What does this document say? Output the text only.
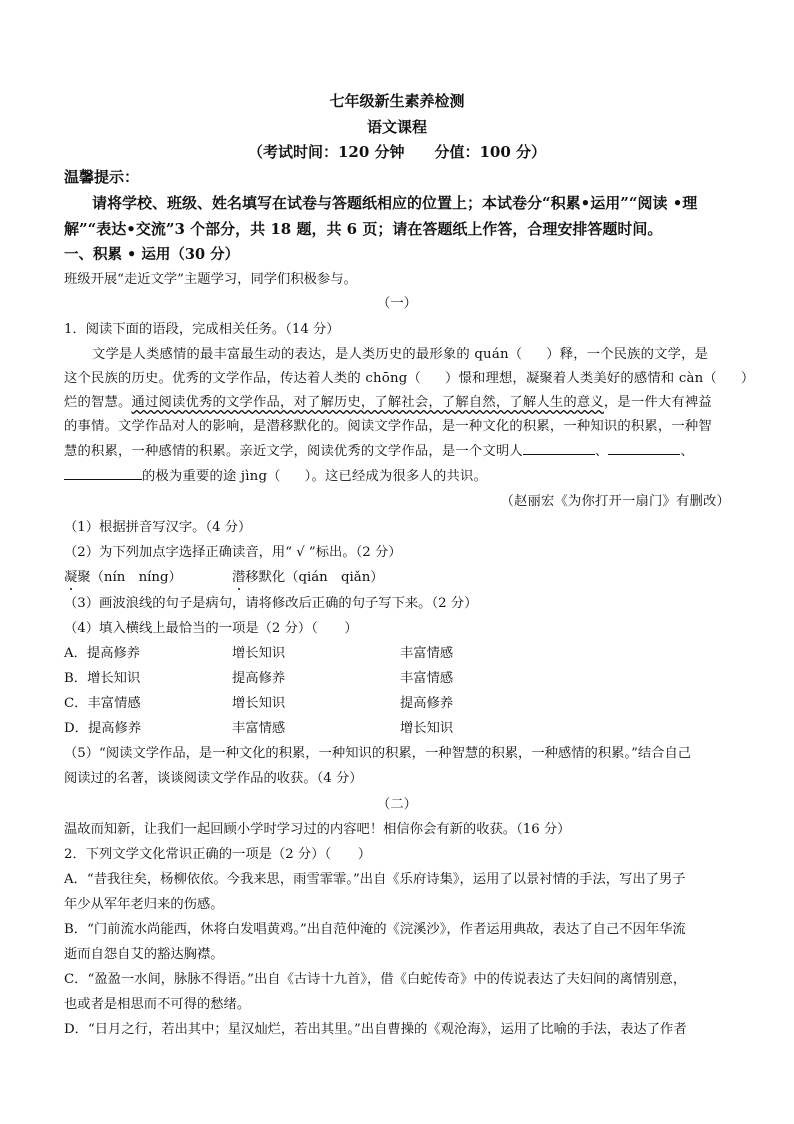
七年级新生素养检测
语文课程
（考试时间：120 分钟　　分值：100 分）
温馨提示：
请将学校、班级、姓名填写在试卷与答题纸相应的位置上；本试卷分“积累•运用”“阅读 •理
解”“表达•交流”3 个部分，共 18 题，共 6 页；请在答题纸上作答，合理安排答题时间。
一、积累 • 运用（30 分）
班级开展“走近文学”主题学习，同学们积极参与。
（一）
1．阅读下面的语段，完成相关任务。（14 分）
文学是人类感情的最丰富最生动的表达，是人类历史的最形象的 quán（ ）释，一个民族的文学，是
这个民族的历史。优秀的文学作品，传达着人类的 chōng（ ）憬和理想，凝聚着人类美好的感情和 càn（ ）
烂的智慧。通过阅读优秀的文学作品，对了解历史，了解社会，了解自然，了解人生的意义，是一件大有裨益
的事情。文学作品对人的影响，是潜移默化的。阅读文学作品，是一种文化的积累，一种知识的积累，一种智
慧的积累，一种感情的积累。亲近文学，阅读优秀的文学作品，是一个文明人	、	、
的极为重要的途 jìng（ ）。这已经成为很多人的共识。
（赵丽宏《为你打开一扇门》有删改）
（1）根据拼音写汉字。（4 分）
（2）为下列加点字选择正确读音，用“ √ ”标出。（2 分）
凝聚（nín　níng）	潜移默化（qián　qiǎn）
（3）画波浪线的句子是病句，请将修改后正确的句子写下来。（2 分）
（4）填入横线上最恰当的一项是（2 分）（　　）
A．提高修养	增长知识	丰富情感
B．增长知识	提高修养	丰富情感
C．丰富情感	增长知识	提高修养
D．提高修养	丰富情感	增长知识
（5）“阅读文学作品，是一种文化的积累，一种知识的积累，一种智慧的积累，一种感情的积累。”结合自己
阅读过的名著，谈谈阅读文学作品的收获。（4 分）
（二）
温故而知新，让我们一起回顾小学时学习过的内容吧！相信你会有新的收获。（16 分）
2．下列文学文化常识正确的一项是（2 分）（　　）
A．“昔我往矣，杨柳依依。今我来思，雨雪霏霏。”出自《乐府诗集》，运用了以景衬情的手法，写出了男子
年少从军年老归来的伤感。
B．“门前流水尚能西，休将白发唱黄鸡。”出自范仲淹的《浣溪沙》，作者运用典故，表达了自己不因年华流
逝而自怨自艾的豁达胸襟。
C．“盈盈一水间，脉脉不得语。”出自《古诗十九首》，借《白蛇传奇》中的传说表达了夫妇间的离情别意，
也或者是相思而不可得的愁绪。
D．“日月之行，若出其中；星汉灿烂，若出其里。”出自曹操的《观沧海》，运用了比喻的手法，表达了作者
